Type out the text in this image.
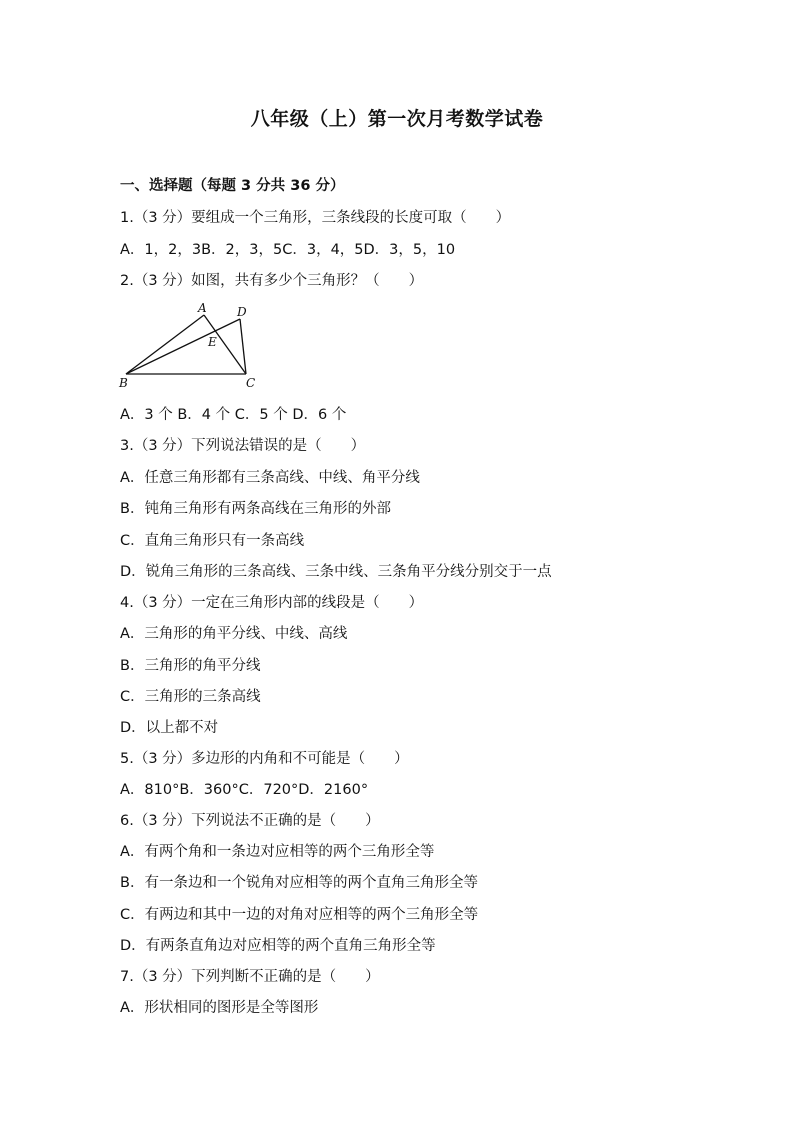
八年级（上）第一次月考数学试卷
一、选择题（每题 3 分共 36 分）
1.（3 分）要组成一个三角形，三条线段的长度可取（　　）
A．1，2，3B．2，3，5C．3，4，5D．3，5，10
2.（3 分）如图，共有多少个三角形？（　　）
A	D
E
B	C
A．3 个 B．4 个 C．5 个 D．6 个
3.（3 分）下列说法错误的是（　　）
A．任意三角形都有三条高线、中线、角平分线
B．钝角三角形有两条高线在三角形的外部
C．直角三角形只有一条高线
D．锐角三角形的三条高线、三条中线、三条角平分线分别交于一点
4.（3 分）一定在三角形内部的线段是（　　）
A．三角形的角平分线、中线、高线
B．三角形的角平分线
C．三角形的三条高线
D．以上都不对
5.（3 分）多边形的内角和不可能是（　　）
A．810°B．360°C．720°D．2160°
6.（3 分）下列说法不正确的是（　　）
A．有两个角和一条边对应相等的两个三角形全等
B．有一条边和一个锐角对应相等的两个直角三角形全等
C．有两边和其中一边的对角对应相等的两个三角形全等
D．有两条直角边对应相等的两个直角三角形全等
7.（3 分）下列判断不正确的是（　　）
A．形状相同的图形是全等图形
